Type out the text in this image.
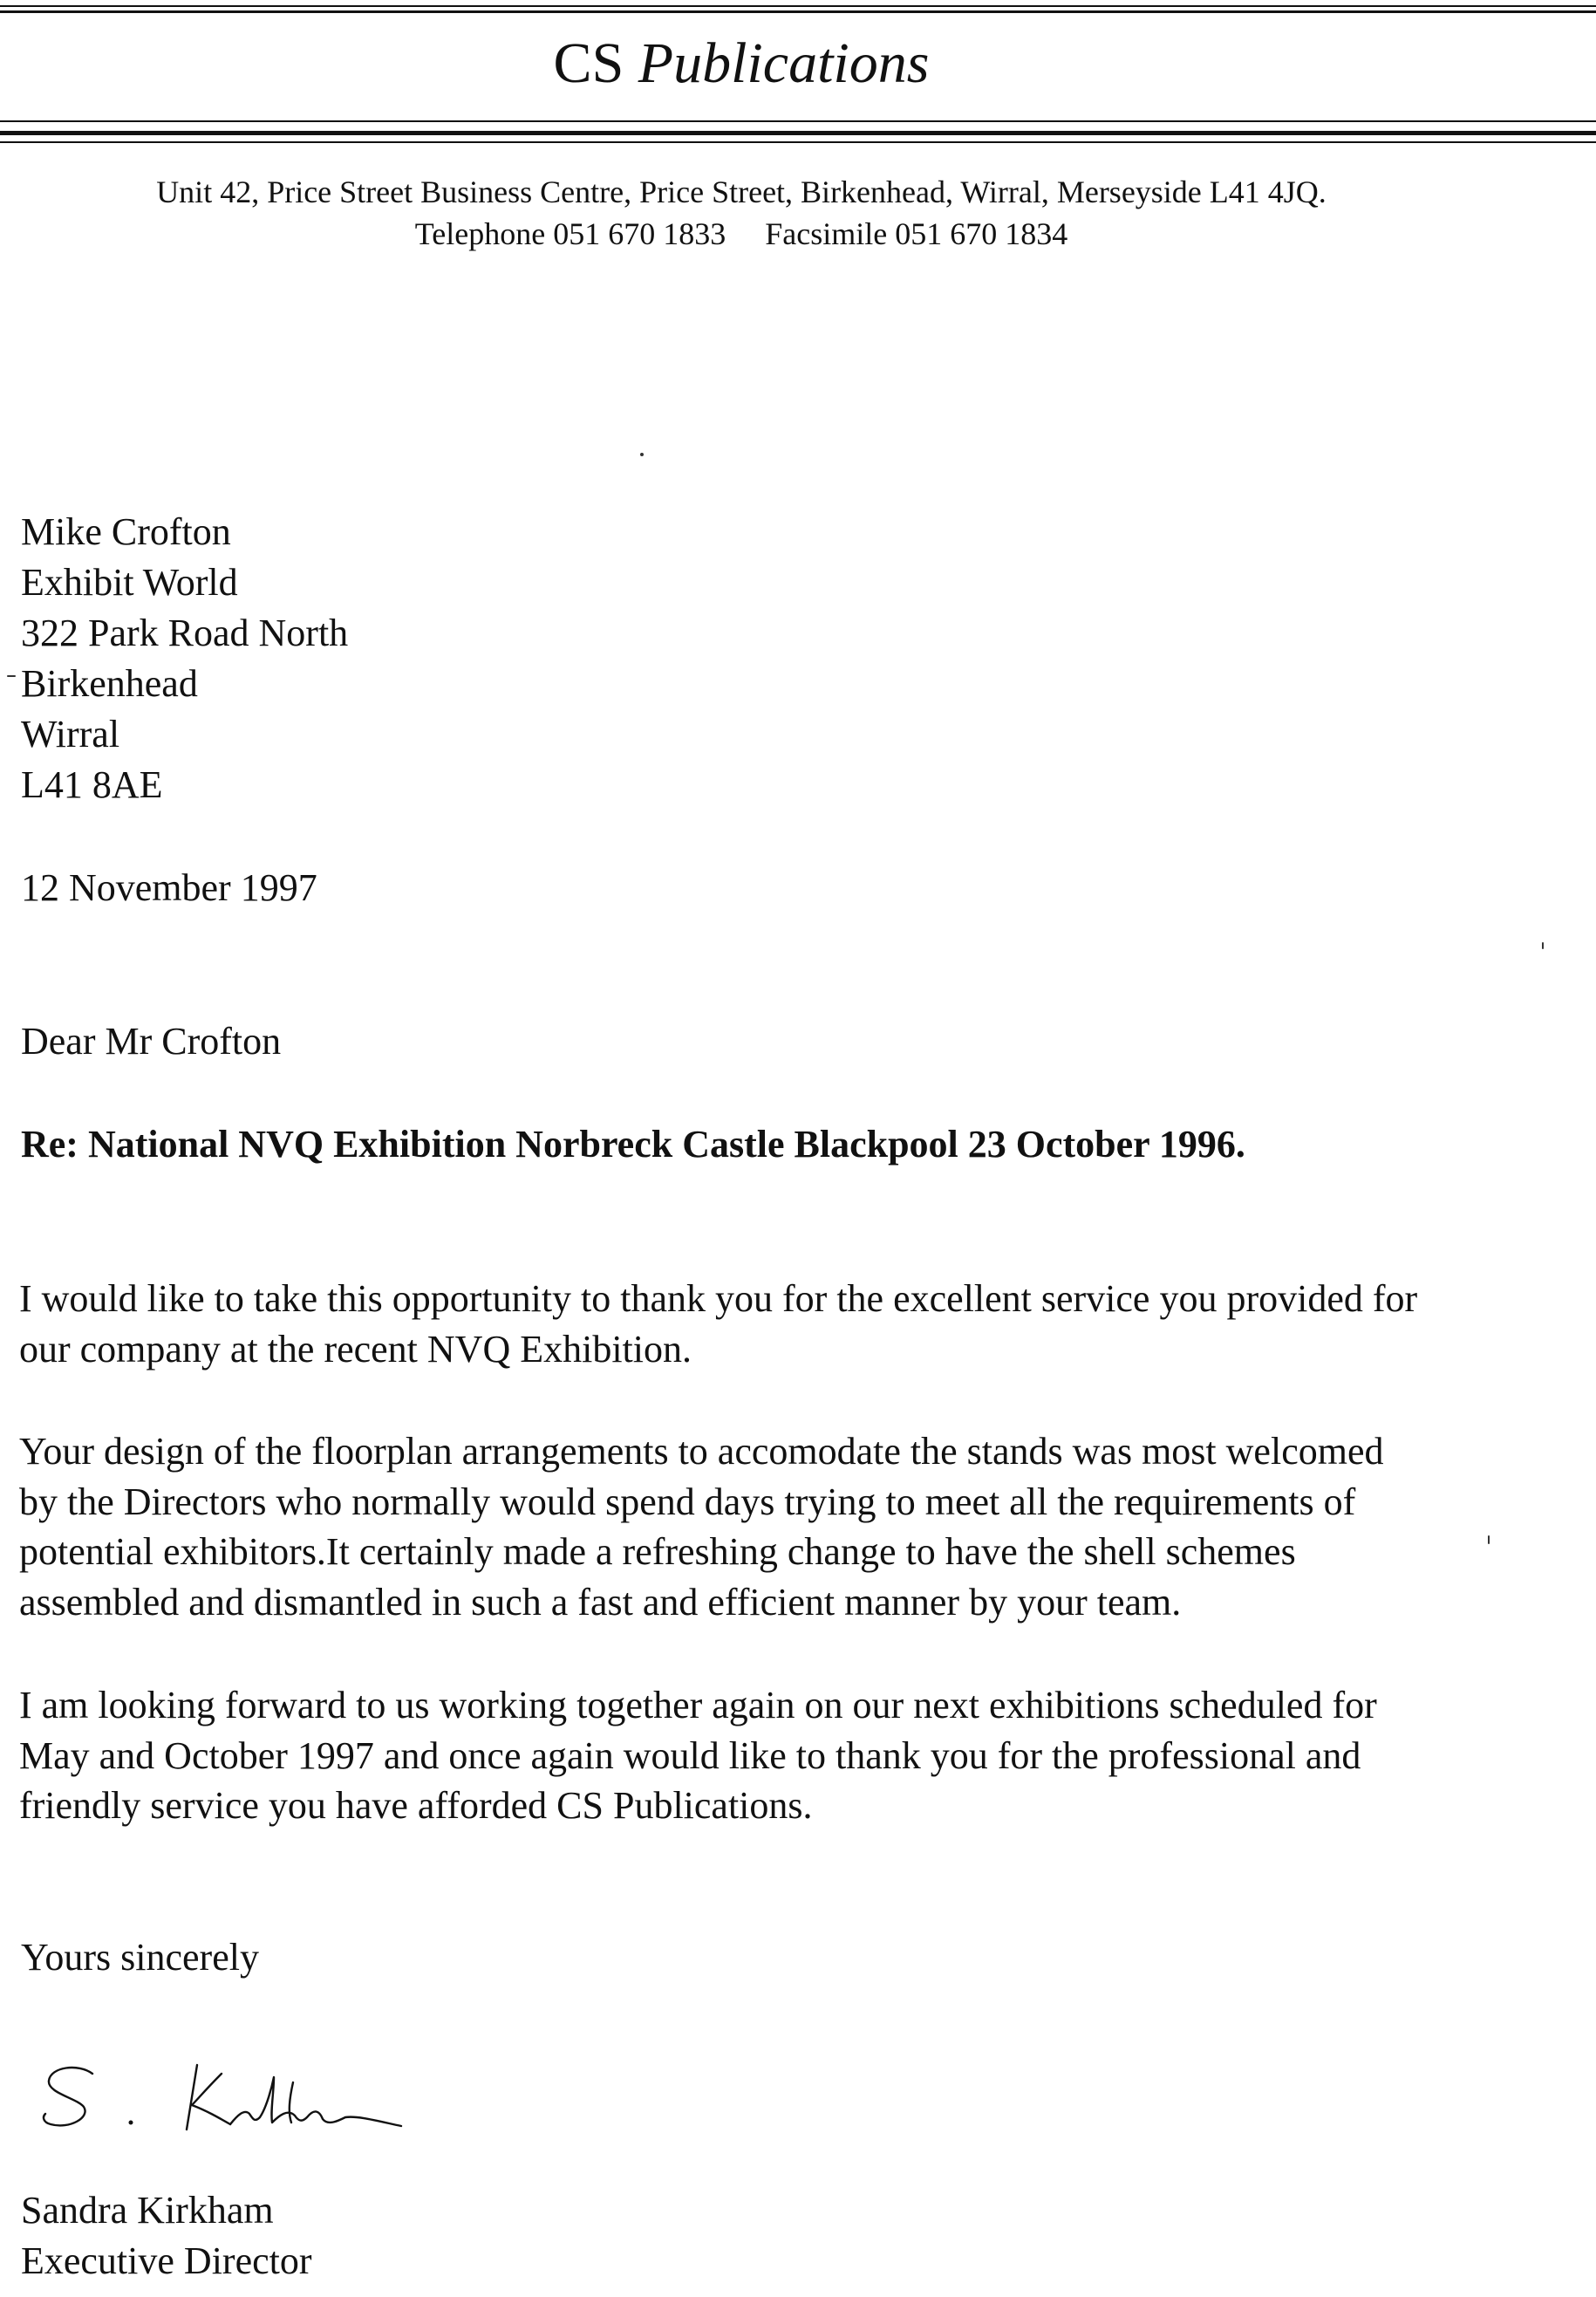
CS Publications
Unit 42, Price Street Business Centre, Price Street, Birkenhead, Wirral, Merseyside L41 4JQ.
Telephone 051 670 1833 Facsimile 051 670 1834
Mike Crofton
Exhibit World
322 Park Road North
Birkenhead
Wirral
L41 8AE
12 November 1997
Dear Mr Crofton
Re: National NVQ Exhibition Norbreck Castle Blackpool 23 October 1996.
I would like to take this opportunity to thank you for the excellent service you provided for
our company at the recent NVQ Exhibition.
Your design of the floorplan arrangements to accomodate the stands was most welcomed
by the Directors who normally would spend days trying to meet all the requirements of
potential exhibitors.It certainly made a refreshing change to have the shell schemes
assembled and dismantled in such a fast and efficient manner by your team.
I am looking forward to us working together again on our next exhibitions scheduled for
May and October 1997 and once again would like to thank you for the professional and
friendly service you have afforded CS Publications.
Yours sincerely
Sandra Kirkham
Executive Director
